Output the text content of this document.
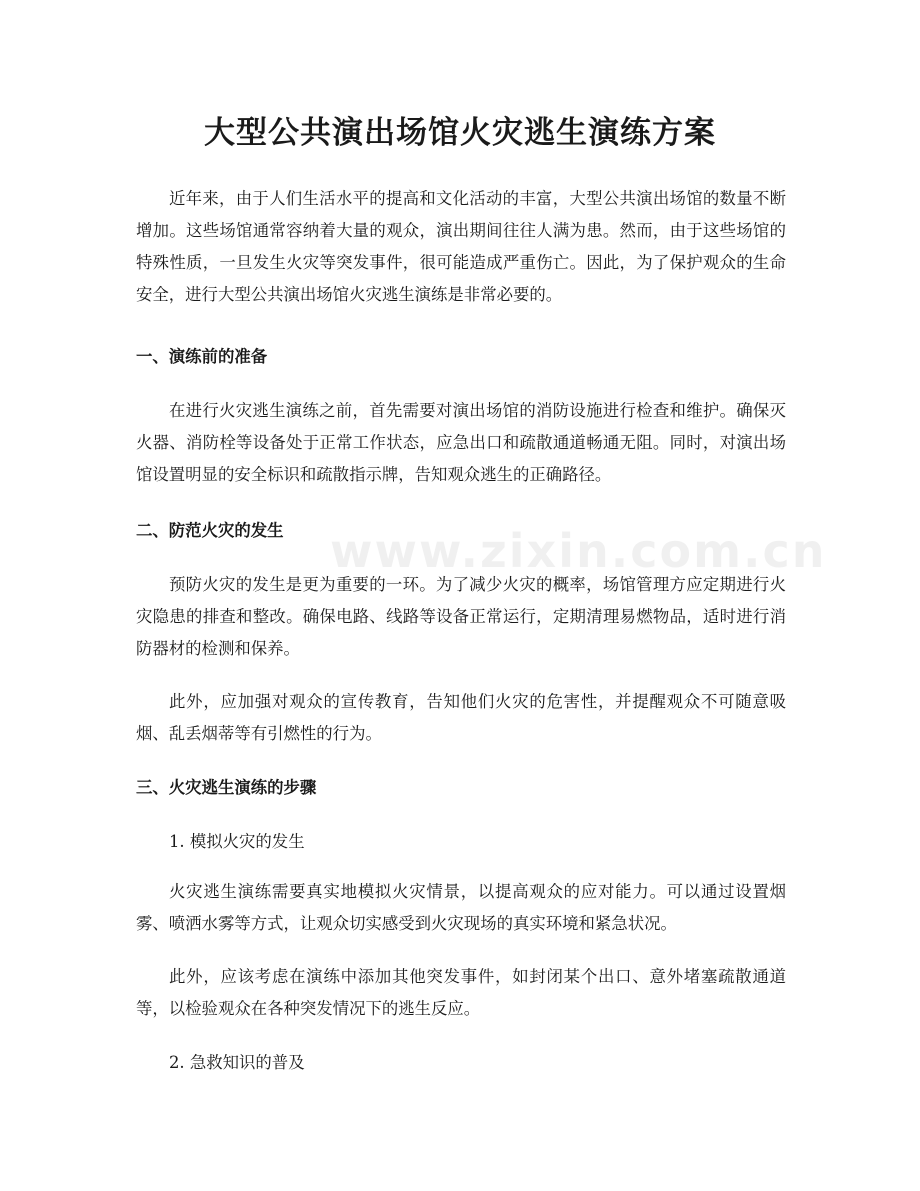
大型公共演出场馆火灾逃生演练方案

近年来，由于人们生活水平的提高和文化活动的丰富，大型公共演出场馆的数量不断增加。这些场馆通常容纳着大量的观众，演出期间往往人满为患。然而，由于这些场馆的特殊性质，一旦发生火灾等突发事件，很可能造成严重伤亡。因此，为了保护观众的生命安全，进行大型公共演出场馆火灾逃生演练是非常必要的。

一、演练前的准备

在进行火灾逃生演练之前，首先需要对演出场馆的消防设施进行检查和维护。确保灭火器、消防栓等设备处于正常工作状态，应急出口和疏散通道畅通无阻。同时，对演出场馆设置明显的安全标识和疏散指示牌，告知观众逃生的正确路径。

二、防范火灾的发生

预防火灾的发生是更为重要的一环。为了减少火灾的概率，场馆管理方应定期进行火灾隐患的排查和整改。确保电路、线路等设备正常运行，定期清理易燃物品，适时进行消防器材的检测和保养。

此外，应加强对观众的宣传教育，告知他们火灾的危害性，并提醒观众不可随意吸烟、乱丢烟蒂等有引燃性的行为。

三、火灾逃生演练的步骤

1. 模拟火灾的发生

火灾逃生演练需要真实地模拟火灾情景，以提高观众的应对能力。可以通过设置烟雾、喷洒水雾等方式，让观众切实感受到火灾现场的真实环境和紧急状况。

此外，应该考虑在演练中添加其他突发事件，如封闭某个出口、意外堵塞疏散通道等，以检验观众在各种突发情况下的逃生反应。

2. 急救知识的普及

www.zixin.com.cn
